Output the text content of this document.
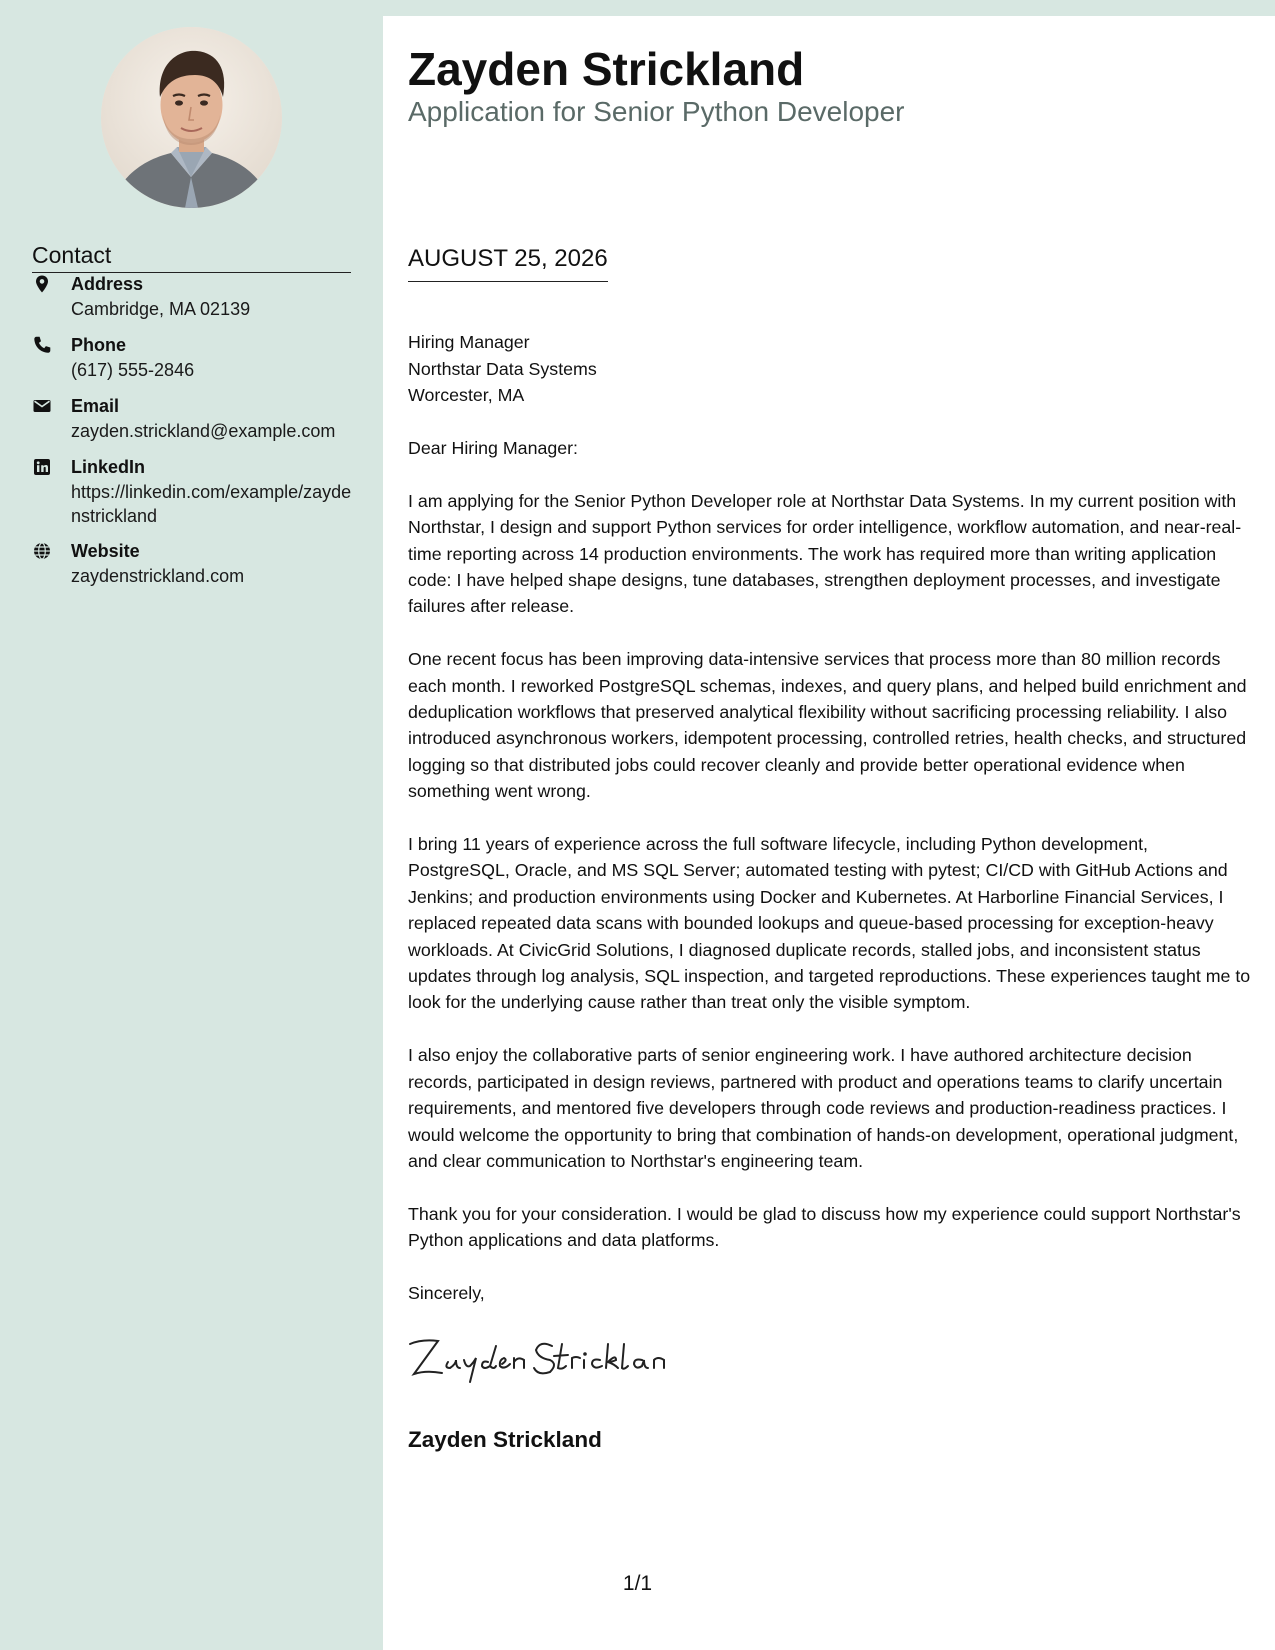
Contact
Address
Cambridge, MA 02139
Phone
(617) 555-2846
Email
zayden.strickland@example.com
LinkedIn
https://linkedin.com/example/zaydenstrickland
Website
zaydenstrickland.com
Zayden Strickland
Application for Senior Python Developer
AUGUST 25, 2026

Hiring Manager
Northstar Data Systems
Worcester, MA

Dear Hiring Manager:

I am applying for the Senior Python Developer role at Northstar Data Systems. In my current position with Northstar, I design and support Python services for order intelligence, workflow automation, and near-real-time reporting across 14 production environments. The work has required more than writing application code: I have helped shape designs, tune databases, strengthen deployment processes, and investigate failures after release.

One recent focus has been improving data-intensive services that process more than 80 million records each month. I reworked PostgreSQL schemas, indexes, and query plans, and helped build enrichment and deduplication workflows that preserved analytical flexibility without sacrificing processing reliability. I also introduced asynchronous workers, idempotent processing, controlled retries, health checks, and structured logging so that distributed jobs could recover cleanly and provide better operational evidence when something went wrong.

I bring 11 years of experience across the full software lifecycle, including Python development, PostgreSQL, Oracle, and MS SQL Server; automated testing with pytest; CI/CD with GitHub Actions and Jenkins; and production environments using Docker and Kubernetes. At Harborline Financial Services, I replaced repeated data scans with bounded lookups and queue-based processing for exception-heavy workloads. At CivicGrid Solutions, I diagnosed duplicate records, stalled jobs, and inconsistent status updates through log analysis, SQL inspection, and targeted reproductions. These experiences taught me to look for the underlying cause rather than treat only the visible symptom.

I also enjoy the collaborative parts of senior engineering work. I have authored architecture decision records, participated in design reviews, partnered with product and operations teams to clarify uncertain requirements, and mentored five developers through code reviews and production-readiness practices. I would welcome the opportunity to bring that combination of hands-on development, operational judgment, and clear communication to Northstar's engineering team.

Thank you for your consideration. I would be glad to discuss how my experience could support Northstar's Python applications and data platforms.

Sincerely,
Zayden Strickland
1/1
